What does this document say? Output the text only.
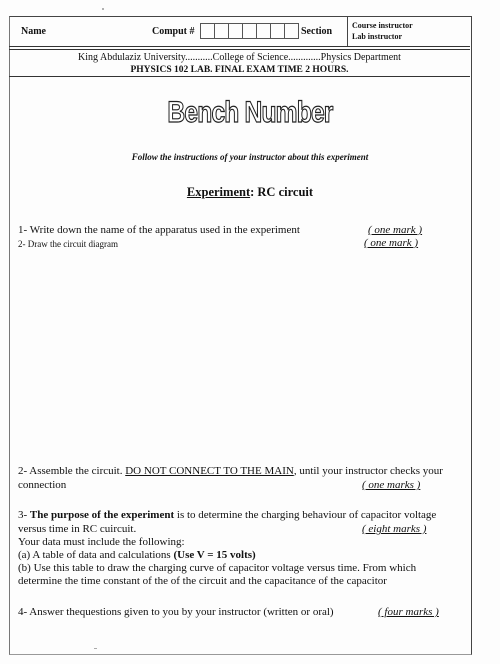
Name	Comput #	Section
Course instructor
Lab instructor
King Abdulaziz University...........College of Science.............Physics Department
PHYSICS 102 LAB. FINAL EXAM TIME 2 HOURS.
Bench Number
Follow the instructions of your instructor about this experiment
Experiment: RC circuit
1- Write down the name of the apparatus used in the experiment	( one mark )
2- Draw the circuit diagram	( one mark )
2- Assemble the circuit. DO NOT CONNECT TO THE MAIN, until your instructor checks your
connection	( one marks )
3- The purpose of the experiment is to determine the charging behaviour of capacitor voltage
versus time in RC cuircuit.	( eight marks )
Your data must include the following:
(a) A table of data and calculations (Use V = 15 volts)
(b) Use this table to draw the charging curve of capacitor voltage versus time. From which
determine the time constant of the of the circuit and the capacitance of the capacitor
4- Answer thequestions given to you by your instructor (written or oral)	( four marks )
